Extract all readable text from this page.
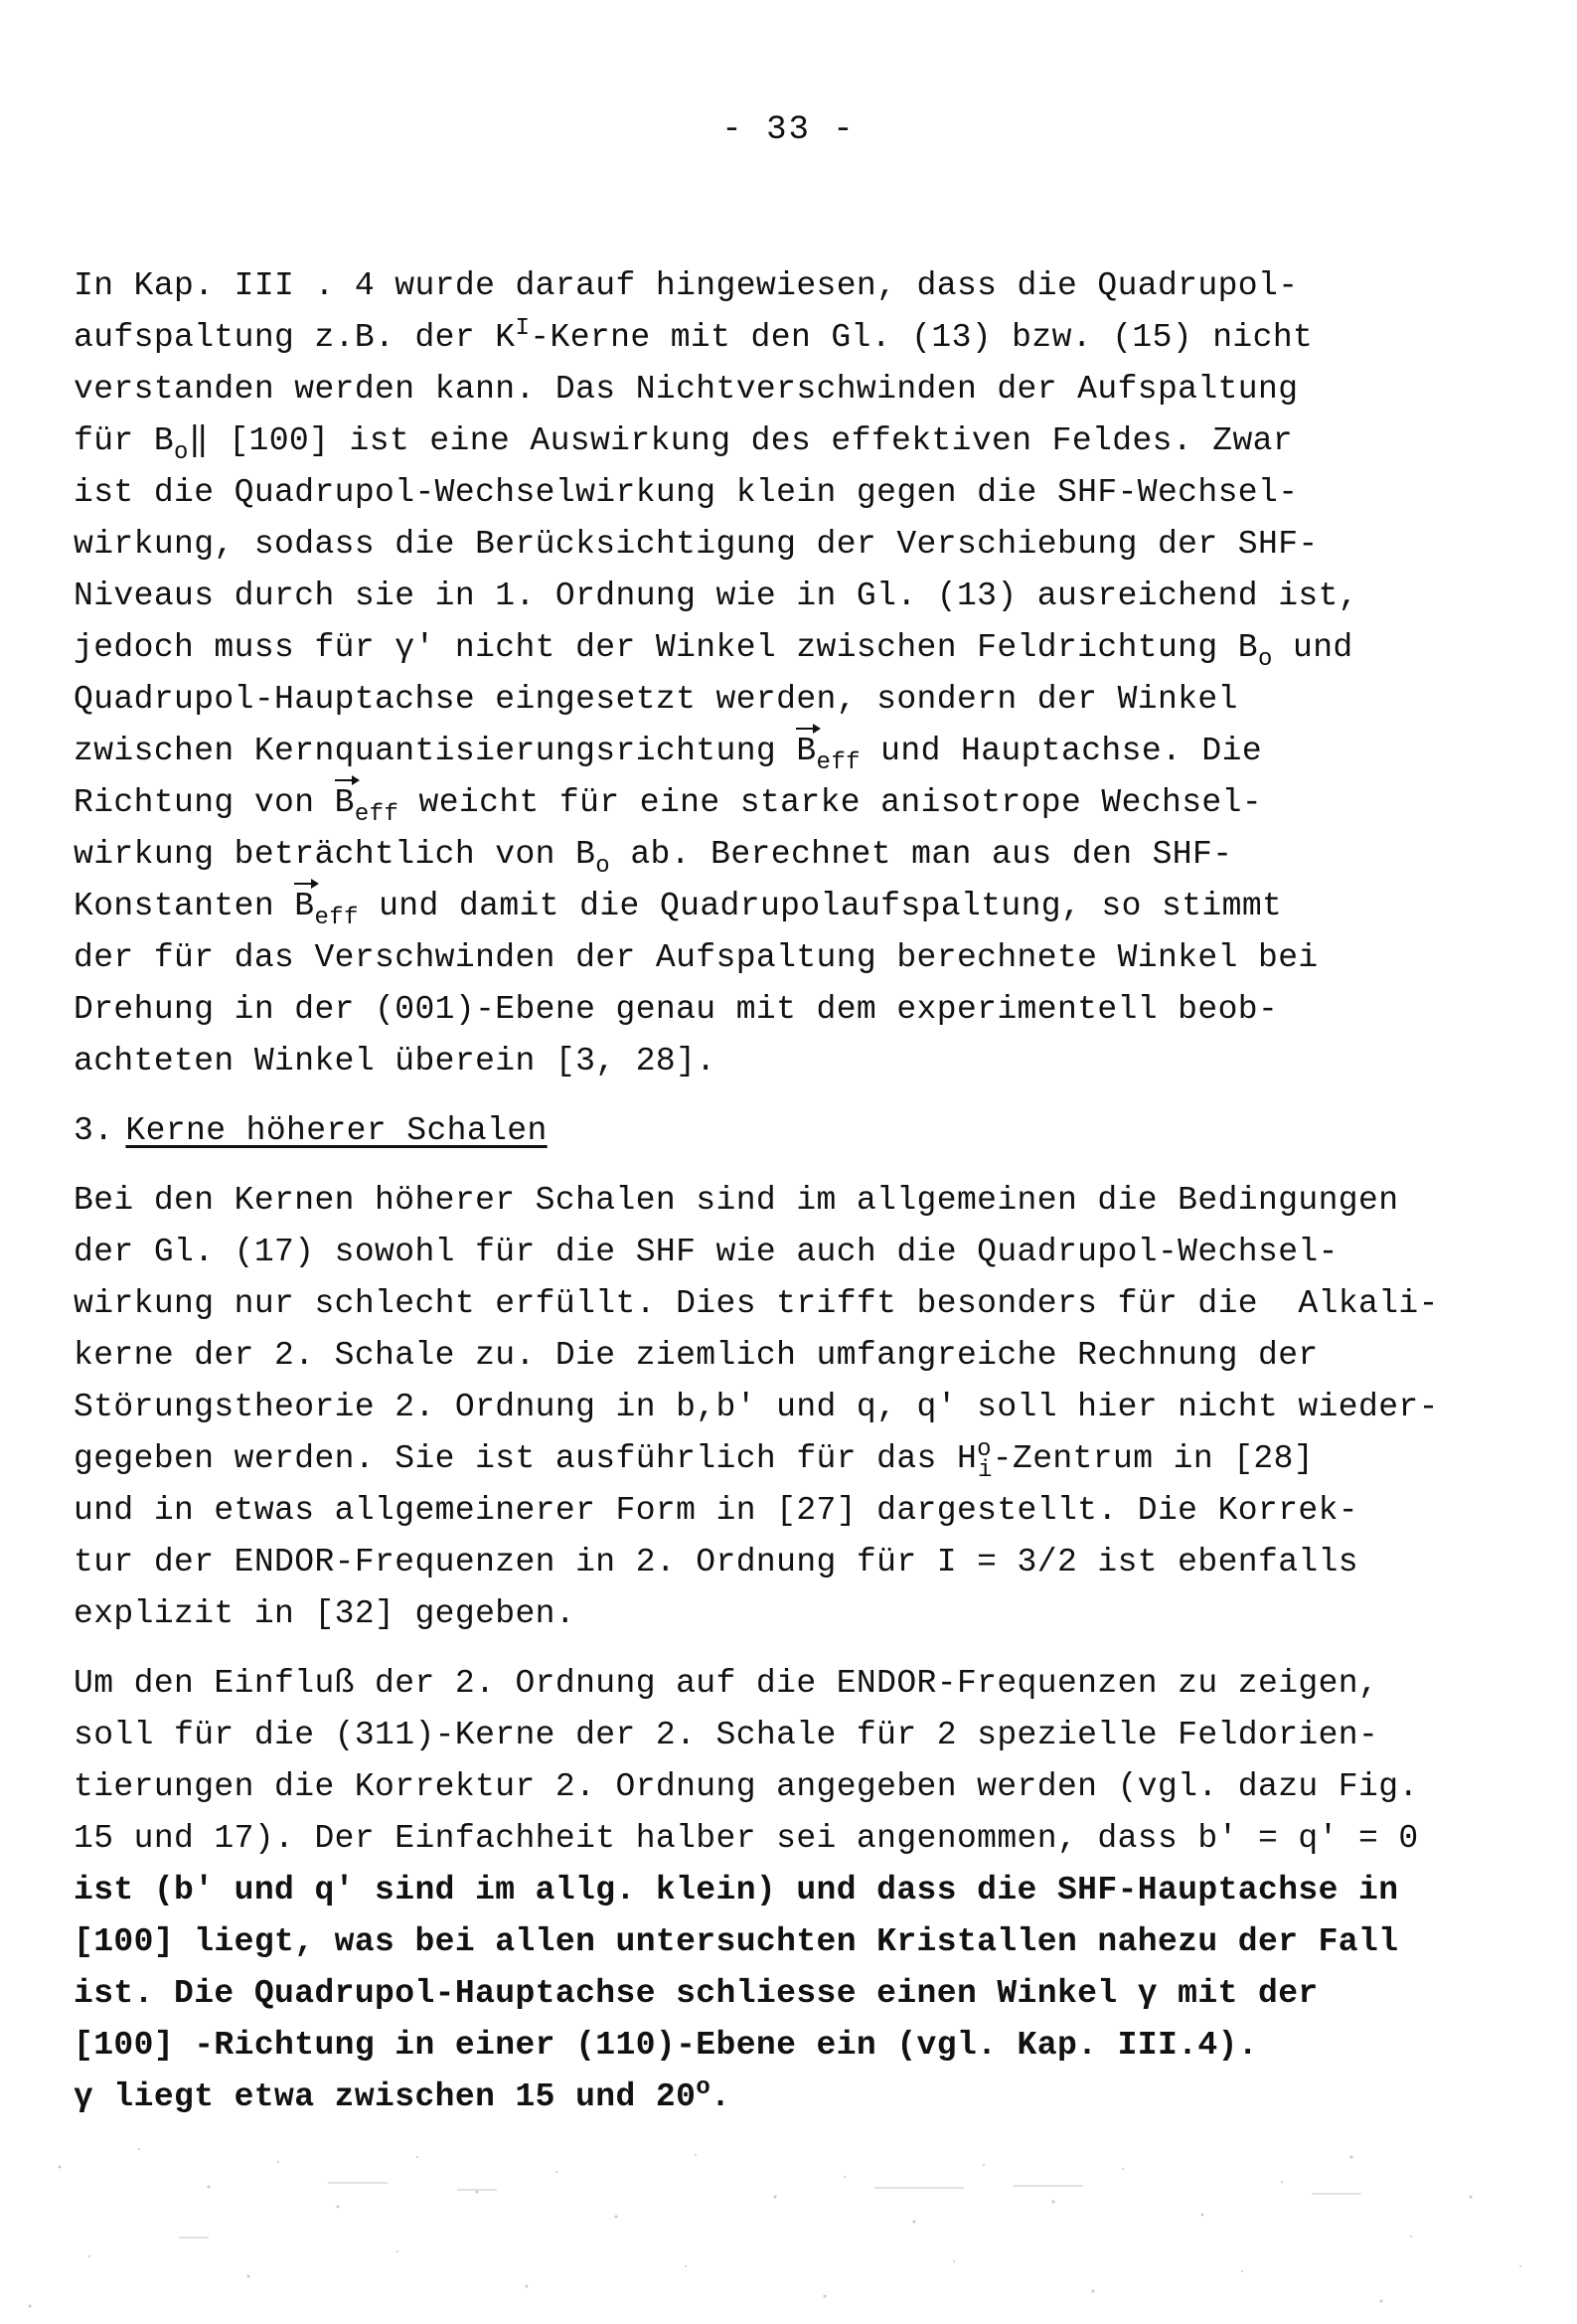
- 33 -
In Kap. III . 4 wurde darauf hingewiesen, dass die Quadrupol-
aufspaltung z.B. der $K^I$-Kerne mit den Gl. (13) bzw. (15) nicht
verstanden werden kann. Das Nichtverschwinden der Aufspaltung
für $B_o‖$ [100] ist eine Auswirkung des effektiven Feldes. Zwar
ist die Quadrupol-Wechselwirkung klein gegen die SHF-Wechsel-
wirkung, sodass die Berücksichtigung der Verschiebung der SHF-
Niveaus durch sie in 1. Ordnung wie in Gl. (13) ausreichend ist,
jedoch muss für γ' nicht der Winkel zwischen Feldrichtung $B_o$ und
Quadrupol-Hauptachse eingesetzt werden, sondern der Winkel
zwischen Kernquantisierungsrichtung $B_{eff}$ und Hauptachse. Die
Richtung von $B_{eff}$ weicht für eine starke anisotrope Wechsel-
wirkung beträchtlich von $B_o$ ab. Berechnet man aus den SHF-
Konstanten $B_{eff}$ und damit die Quadrupolaufspaltung, so stimmt
der für das Verschwinden der Aufspaltung berechnete Winkel bei
Drehung in der (001)-Ebene genau mit dem experimentell beob-
achteten Winkel überein [3, 28].
3. Kerne höherer Schalen
Bei den Kernen höherer Schalen sind im allgemeinen die Bedingungen
der Gl. (17) sowohl für die SHF wie auch die Quadrupol-Wechsel-
wirkung nur schlecht erfüllt. Dies trifft besonders für die  Alkali-
kerne der 2. Schale zu. Die ziemlich umfangreiche Rechnung der
Störungstheorie 2. Ordnung in b,b' und q, q' soll hier nicht wieder-
gegeben werden. Sie ist ausführlich für das $H^o_i$-Zentrum in [28]
und in etwas allgemeinerer Form in [27] dargestellt. Die Korrek-
tur der ENDOR-Frequenzen in 2. Ordnung für I = 3/2 ist ebenfalls
explizit in [32] gegeben.
Um den Einfluß der 2. Ordnung auf die ENDOR-Frequenzen zu zeigen,
soll für die (311)-Kerne der 2. Schale für 2 spezielle Feldorien-
tierungen die Korrektur 2. Ordnung angegeben werden (vgl. dazu Fig.
15 und 17). Der Einfachheit halber sei angenommen, dass b' = q' = 0
ist (b' und q' sind im allg. klein) und dass die SHF-Hauptachse in
[100] liegt, was bei allen untersuchten Kristallen nahezu der Fall
ist. Die Quadrupol-Hauptachse schliesse einen Winkel γ mit der
[100] -Richtung in einer (110)-Ebene ein (vgl. Kap. III.4).
γ liegt etwa zwischen 15 und 20$^o$.
